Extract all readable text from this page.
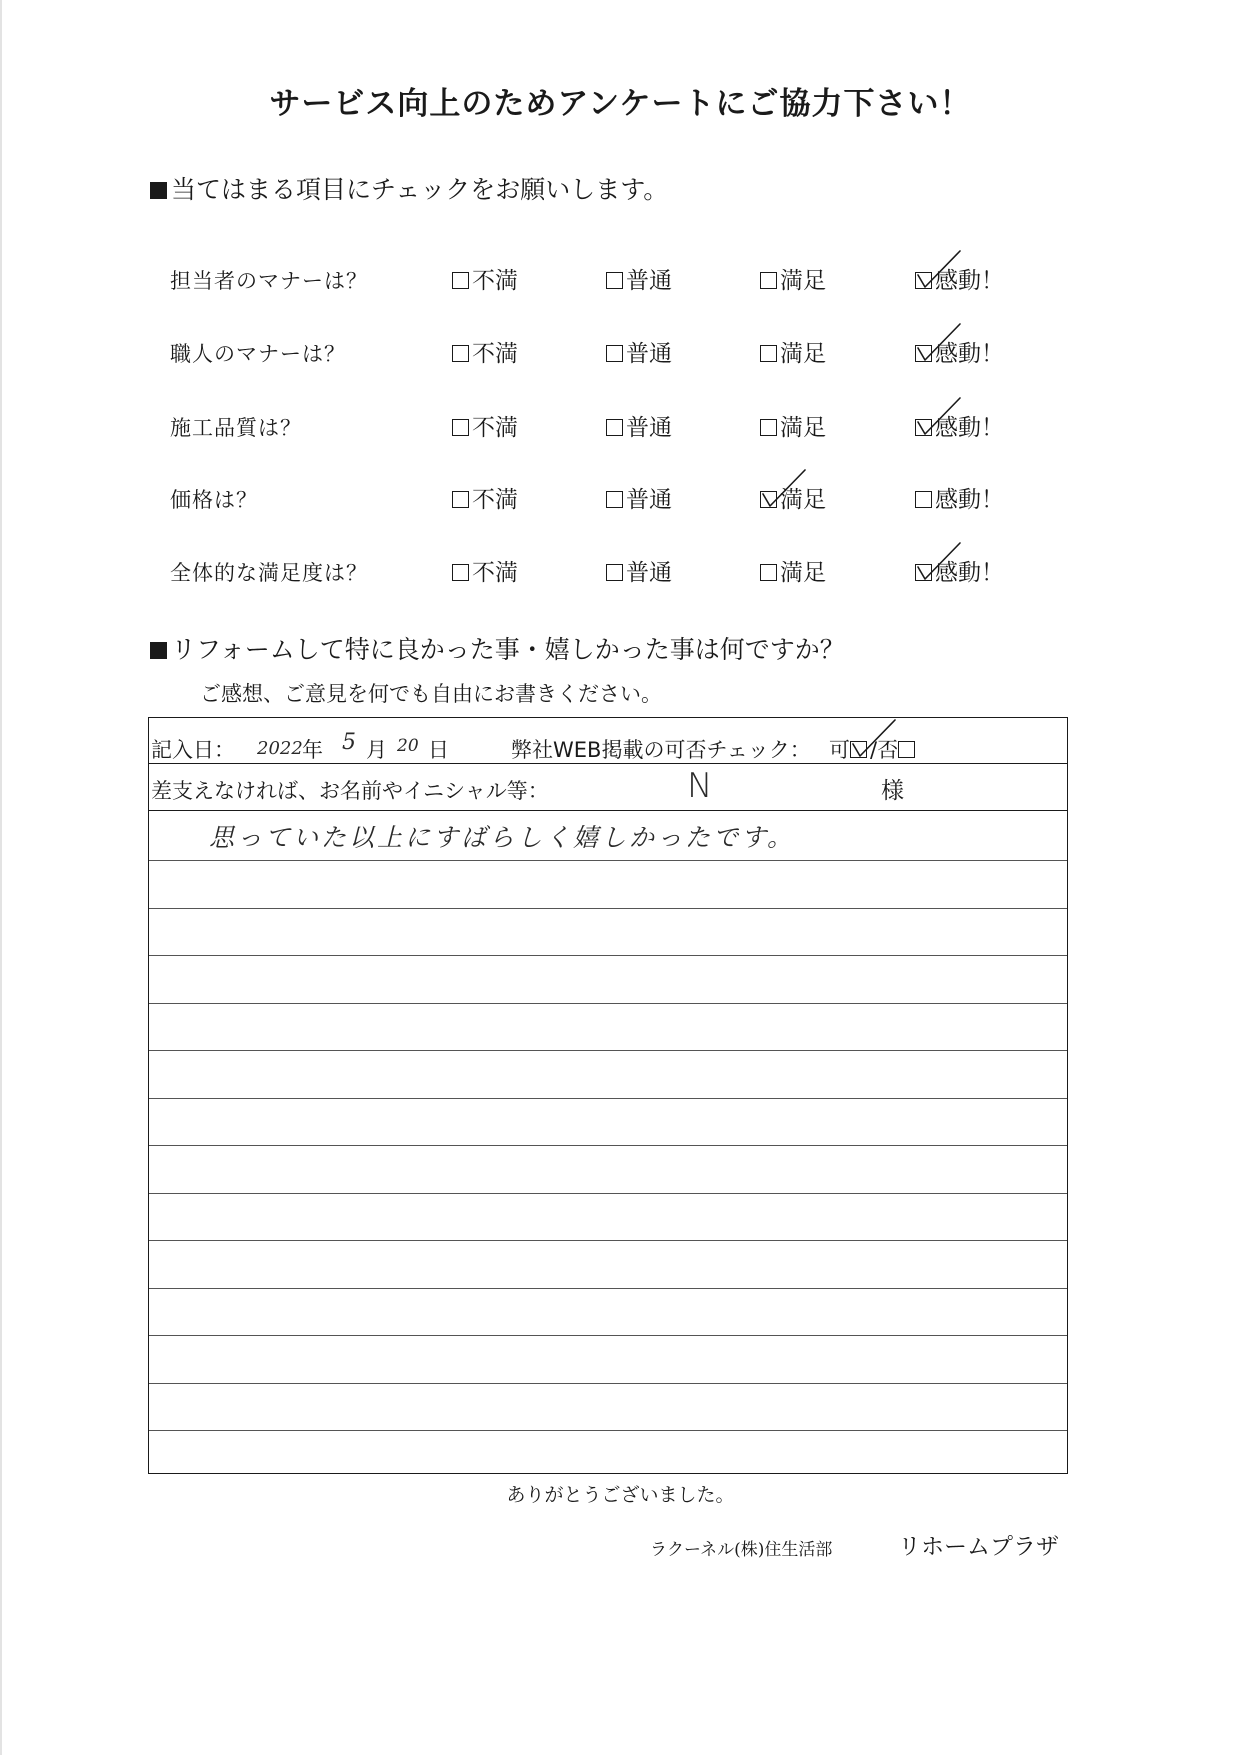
サービス向上のためアンケートにご協力下さい！
当てはまる項目にチェックをお願いします。
担当者のマナーは？	不満	普通	満足	感動！
職人のマナーは？	不満	普通	満足	感動！
施工品質は？	不満	普通	満足	感動！
価格は？	不満	普通	満足	感動！
全体的な満足度は？	不満	普通	満足	感動！
リフォームして特に良かった事・嬉しかった事は何ですか？
ご感想、ご意見を何でも自由にお書きください。
記入日： 2022 年 5 月 20 日	弊社WEB掲載の可否チェック： 可 /否
差支えなければ、お名前やイニシャル等：	N	様
思っていた以上にすばらしく嬉しかったです。
ありがとうございました。
ラクーネル(株)住生活部	リホームプラザ
